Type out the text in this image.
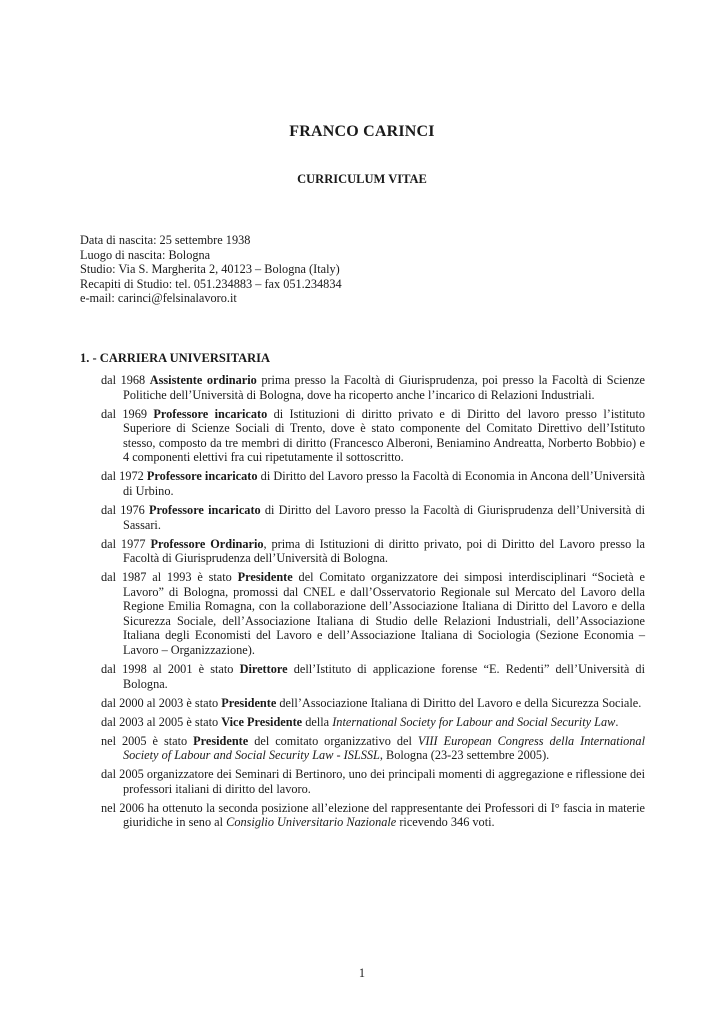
FRANCO CARINCI
CURRICULUM VITAE
Data di nascita: 25 settembre 1938
Luogo di nascita: Bologna
Studio: Via S. Margherita 2, 40123 – Bologna (Italy)
Recapiti di Studio: tel. 051.234883 – fax 051.234834
e-mail: carinci@felsinalavoro.it
1. - CARRIERA UNIVERSITARIA
dal 1968 Assistente ordinario prima presso la Facoltà di Giurisprudenza, poi presso la Facoltà di Scienze Politiche dell’Università di Bologna, dove ha ricoperto anche l’incarico di Relazioni Industriali.
dal 1969 Professore incaricato di Istituzioni di diritto privato e di Diritto del lavoro presso l’istituto Superiore di Scienze Sociali di Trento, dove è stato componente del Comitato Direttivo dell’Istituto stesso, composto da tre membri di diritto (Francesco Alberoni, Beniamino Andreatta, Norberto Bobbio) e 4 componenti elettivi fra cui ripetutamente il sottoscritto.
dal 1972 Professore incaricato di Diritto del Lavoro presso la Facoltà di Economia in Ancona dell’Università di Urbino.
dal 1976 Professore incaricato di Diritto del Lavoro presso la Facoltà di Giurisprudenza dell’Università di Sassari.
dal 1977 Professore Ordinario, prima di Istituzioni di diritto privato, poi di Diritto del Lavoro presso la Facoltà di Giurisprudenza dell’Università di Bologna.
dal 1987 al 1993 è stato Presidente del Comitato organizzatore dei simposi interdisciplinari “Società e Lavoro” di Bologna, promossi dal CNEL e dall’Osservatorio Regionale sul Mercato del Lavoro della Regione Emilia Romagna, con la collaborazione dell’Associazione Italiana di Diritto del Lavoro e della Sicurezza Sociale, dell’Associazione Italiana di Studio delle Relazioni Industriali, dell’Associazione Italiana degli Economisti del Lavoro e dell’Associazione Italiana di Sociologia (Sezione Economia – Lavoro – Organizzazione).
dal 1998 al 2001 è stato Direttore dell’Istituto di applicazione forense “E. Redenti” dell’Università di Bologna.
dal 2000 al 2003 è stato Presidente dell’Associazione Italiana di Diritto del Lavoro e della Sicurezza Sociale.
dal 2003 al 2005 è stato Vice Presidente della International Society for Labour and Social Security Law.
nel 2005 è stato Presidente del comitato organizzativo del VIII European Congress della International Society of Labour and Social Security Law - ISLSSL, Bologna (23-23 settembre 2005).
dal 2005 organizzatore dei Seminari di Bertinoro, uno dei principali momenti di aggregazione e riflessione dei professori italiani di diritto del lavoro.
nel 2006 ha ottenuto la seconda posizione all’elezione del rappresentante dei Professori di I° fascia in materie giuridiche in seno al Consiglio Universitario Nazionale ricevendo 346 voti.
1
